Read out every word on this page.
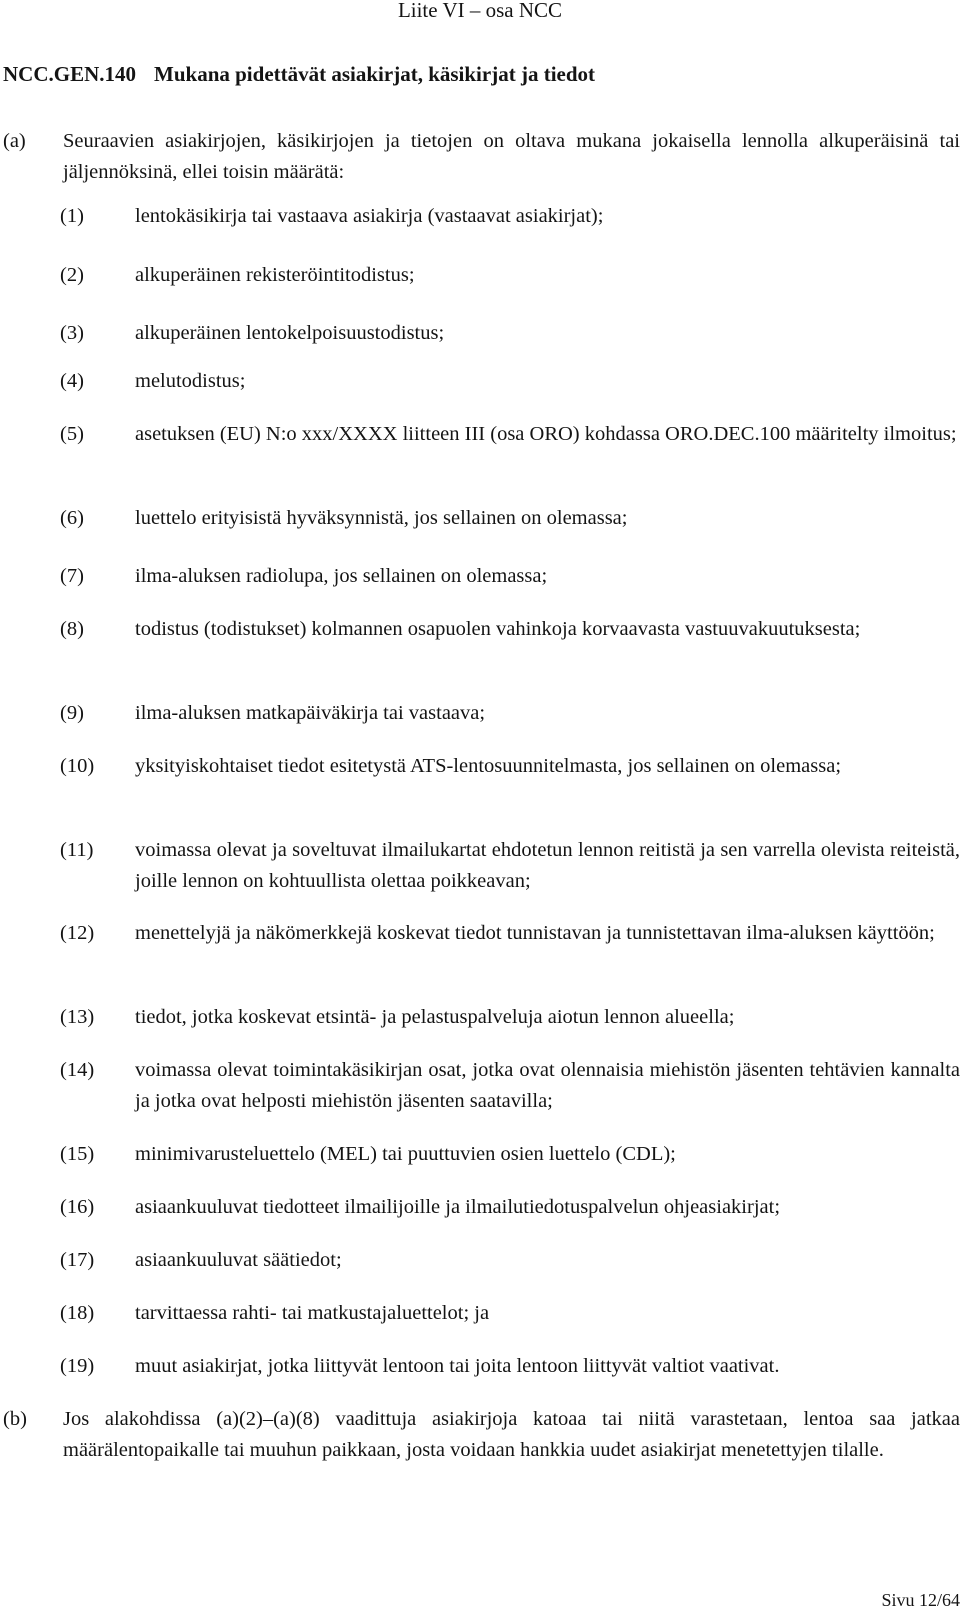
Liite VI – osa NCC
NCC.GEN.140 Mukana pidettävät asiakirjat, käsikirjat ja tiedot
(a) Seuraavien asiakirjojen, käsikirjojen ja tietojen on oltava mukana jokaisella lennolla alkuperäisinä tai jäljennöksinä, ellei toisin määrätä:
(1) lentokäsikirja tai vastaava asiakirja (vastaavat asiakirjat);
(2) alkuperäinen rekisteröintitodistus;
(3) alkuperäinen lentokelpoisuustodistus;
(4) melutodistus;
(5) asetuksen (EU) N:o xxx/XXXX liitteen III (osa ORO) kohdassa ORO.DEC.100 määritelty ilmoitus;
(6) luettelo erityisistä hyväksynnistä, jos sellainen on olemassa;
(7) ilma-aluksen radiolupa, jos sellainen on olemassa;
(8) todistus (todistukset) kolmannen osapuolen vahinkoja korvaavasta vastuuvakuutuksesta;
(9) ilma-aluksen matkapäiväkirja tai vastaava;
(10) yksityiskohtaiset tiedot esitetystä ATS-lentosuunnitelmasta, jos sellainen on olemassa;
(11) voimassa olevat ja soveltuvat ilmailukartat ehdotetun lennon reitistä ja sen varrella olevista reiteistä, joille lennon on kohtuullista olettaa poikkeavan;
(12) menettelyjä ja näkömerkkejä koskevat tiedot tunnistavan ja tunnistettavan ilma-aluksen käyttöön;
(13) tiedot, jotka koskevat etsintä- ja pelastuspalveluja aiotun lennon alueella;
(14) voimassa olevat toimintakäsikirjan osat, jotka ovat olennaisia miehistön jäsenten tehtävien kannalta ja jotka ovat helposti miehistön jäsenten saatavilla;
(15) minimivarusteluettelo (MEL) tai puuttuvien osien luettelo (CDL);
(16) asiaankuuluvat tiedotteet ilmailijoille ja ilmailutiedotuspalvelun ohjeasiakirjat;
(17) asiaankuuluvat säätiedot;
(18) tarvittaessa rahti- tai matkustajaluettelot; ja
(19) muut asiakirjat, jotka liittyvät lentoon tai joita lentoon liittyvät valtiot vaativat.
(b) Jos alakohdissa (a)(2)–(a)(8) vaadittuja asiakirjoja katoaa tai niitä varastetaan, lentoa saa jatkaa määrälentopaikalle tai muuhun paikkaan, josta voidaan hankkia uudet asiakirjat menetettyjen tilalle.
Sivu 12/64
